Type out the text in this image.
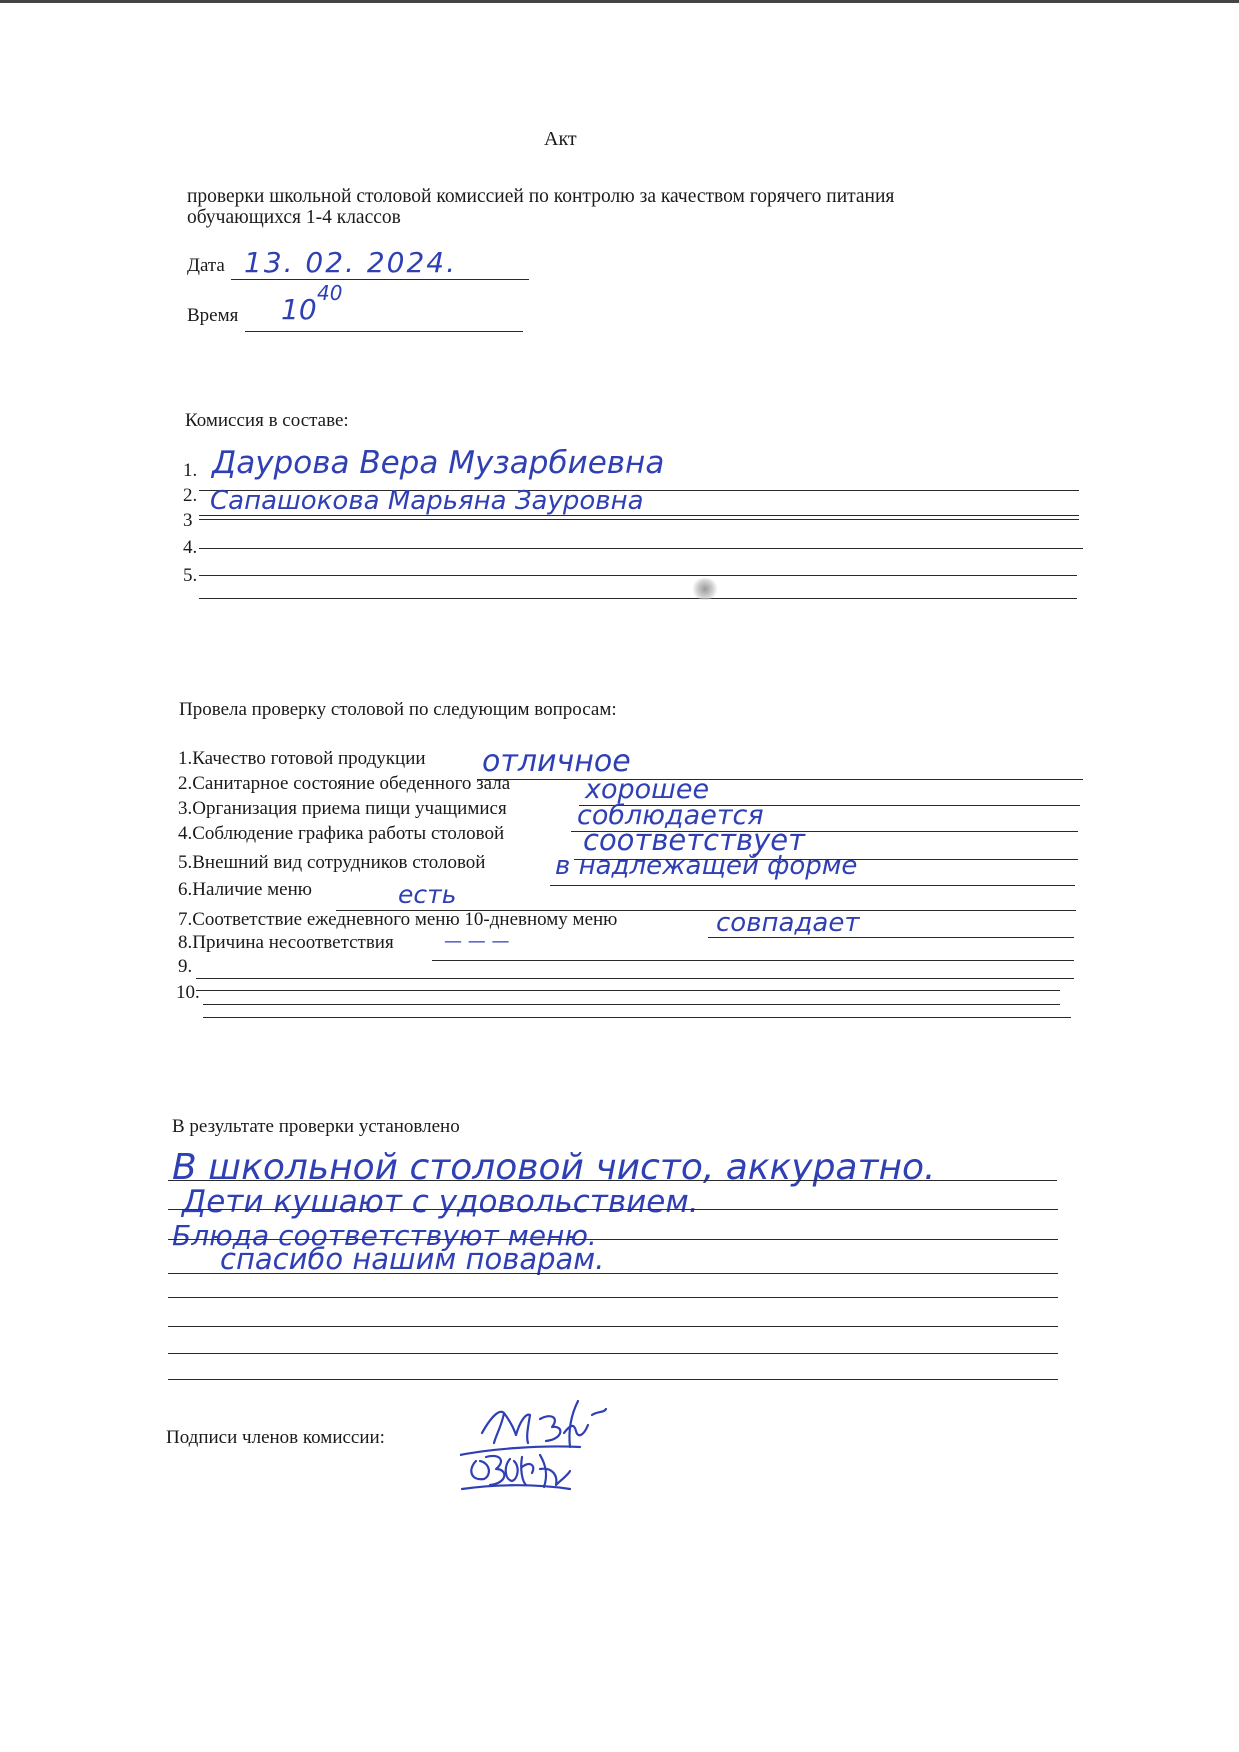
Акт
проверки школьной столовой комиссией по контролю за качеством горячего питания
обучающихся 1-4 классов
Дата 13. 02. 2024.
Время 10 40
Комиссия в составе:
1. Даурова Вера Музарбиевна
2. Сапашокова Марьяна Зауровна
3
4.
5.
Провела проверку столовой по следующим вопросам:
1.Качество готовой продукции отличное
2.Санитарное состояние обеденного зала	хорошее
3.Организация приема пищи учащимися	соблюдается
4.Соблюдение графика работы столовой	соответствует
5.Внешний вид сотрудников столовой	в надлежащей форме
6.Наличие меню	есть
7.Соответствие ежедневного меню 10-дневному меню	совпадает
8.Причина несоответствия	— — —
9.
10.
В результате проверки установлено
В школьной столовой чисто, аккуратно.
Дети кушают с удовольствием.
Блюда соответствуют меню.
спасибо нашим поварам.
Подписи членов комиссии:
